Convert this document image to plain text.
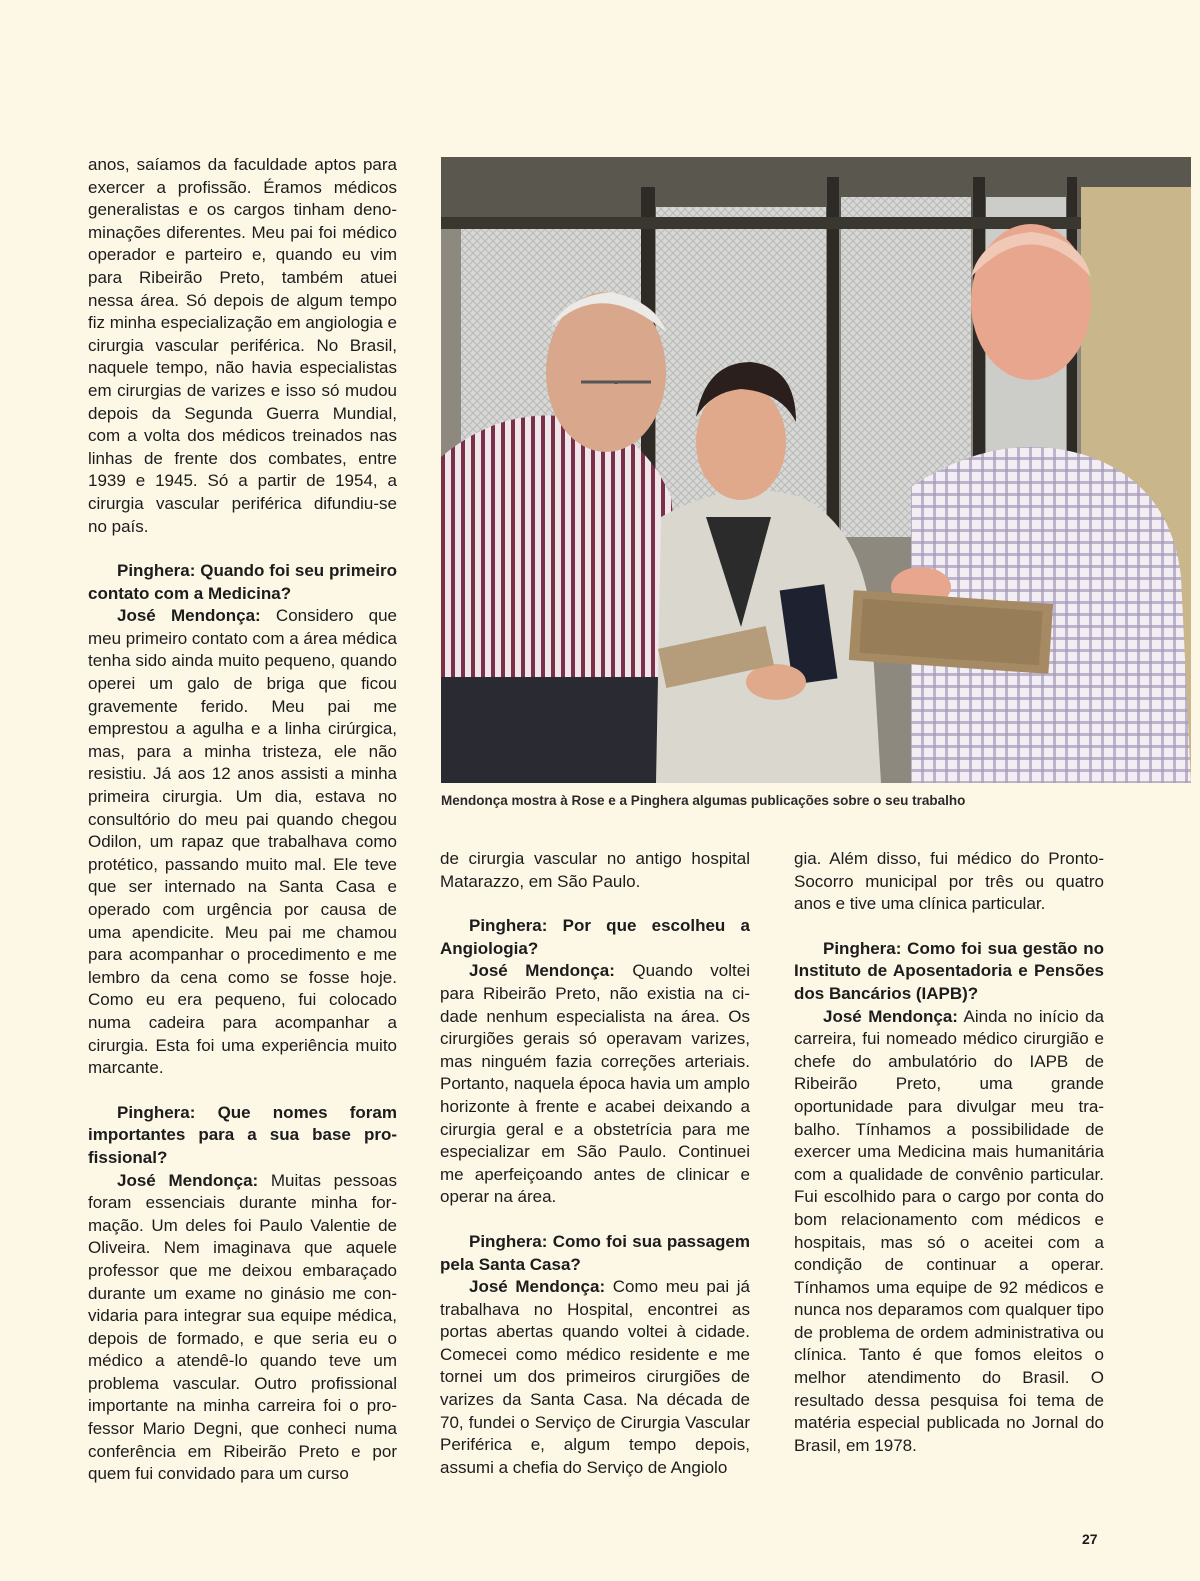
anos, saíamos da faculdade aptos para exercer a profissão. Éramos médicos generalistas e os cargos tinham denominações diferentes. Meu pai foi médico operador e parteiro e, quando eu vim para Ribeirão Preto, também atuei nessa área. Só depois de algum tempo fiz minha especialização em angiologia e cirurgia vascular periférica. No Brasil, naquele tempo, não havia especialistas em cirurgias de varizes e isso só mudou depois da Segunda Guerra Mundial, com a volta dos médicos treinados nas linhas de frente dos combates, entre 1939 e 1945. Só a partir de 1954, a cirurgia vascular periférica difundiu-se no país.

Pinghera: Quando foi seu primeiro contato com a Medicina?

José Mendonça: Considero que meu primeiro contato com a área médica tenha sido ainda muito pequeno, quando operei um galo de briga que ficou gravemente ferido. Meu pai me emprestou a agulha e a linha cirúrgica, mas, para a minha tristeza, ele não resistiu. Já aos 12 anos assisti a minha primeira cirurgia. Um dia, estava no consultório do meu pai quando chegou Odilon, um rapaz que trabalhava como protético, passando muito mal. Ele teve que ser internado na Santa Casa e operado com urgência por causa de uma apendicite. Meu pai me chamou para acompanhar o procedimento e me lembro da cena como se fosse hoje. Como eu era pequeno, fui colocado numa cadeira para acompanhar a cirurgia. Esta foi uma experiência muito marcante.

Pinghera: Que nomes foram importantes para a sua base profissional?

José Mendonça: Muitas pessoas foram essenciais durante minha formação. Um deles foi Paulo Valentie de Oliveira. Nem imaginava que aquele professor que me deixou embaraçado durante um exame no ginásio me convidaria para integrar sua equipe médica, depois de formado, e que seria eu o médico a atendê-lo quando teve um problema vascular. Outro profissional importante na minha carreira foi o professor Mario Degni, que conheci numa conferência em Ribeirão Preto e por quem fui convidado para um curso

Mendonça mostra à Rose e a Pinghera algumas publicações sobre o seu trabalho

de cirurgia vascular no antigo hospital Matarazzo, em São Paulo.

Pinghera: Por que escolheu a Angiologia?

José Mendonça: Quando voltei para Ribeirão Preto, não existia na cidade nenhum especialista na área. Os cirurgiões gerais só operavam varizes, mas ninguém fazia correções arteriais. Portanto, naquela época havia um amplo horizonte à frente e acabei deixando a cirurgia geral e a obstetrícia para me especializar em São Paulo. Continuei me aperfeiçoando antes de clinicar e operar na área.

Pinghera: Como foi sua passagem pela Santa Casa?

José Mendonça: Como meu pai já trabalhava no Hospital, encontrei as portas abertas quando voltei à cidade. Comecei como médico residente e me tornei um dos primeiros cirurgiões de varizes da Santa Casa. Na década de 70, fundei o Serviço de Cirurgia Vascular Periférica e, algum tempo depois, assumi a chefia do Serviço de Angiolo

gia. Além disso, fui médico do Pronto-Socorro municipal por três ou quatro anos e tive uma clínica particular.

Pinghera: Como foi sua gestão no Instituto de Aposentadoria e Pensões dos Bancários (IAPB)?

José Mendonça: Ainda no início da carreira, fui nomeado médico cirurgião e chefe do ambulatório do IAPB de Ribeirão Preto, uma grande oportunidade para divulgar meu trabalho. Tínhamos a possibilidade de exercer uma Medicina mais humanitária com a qualidade de convênio particular. Fui escolhido para o cargo por conta do bom relacionamento com médicos e hospitais, mas só o aceitei com a condição de continuar a operar. Tínhamos uma equipe de 92 médicos e nunca nos deparamos com qualquer tipo de problema de ordem administrativa ou clínica. Tanto é que fomos eleitos o melhor atendimento do Brasil. O resultado dessa pesquisa foi tema de matéria especial publicada no Jornal do Brasil, em 1978.

27
